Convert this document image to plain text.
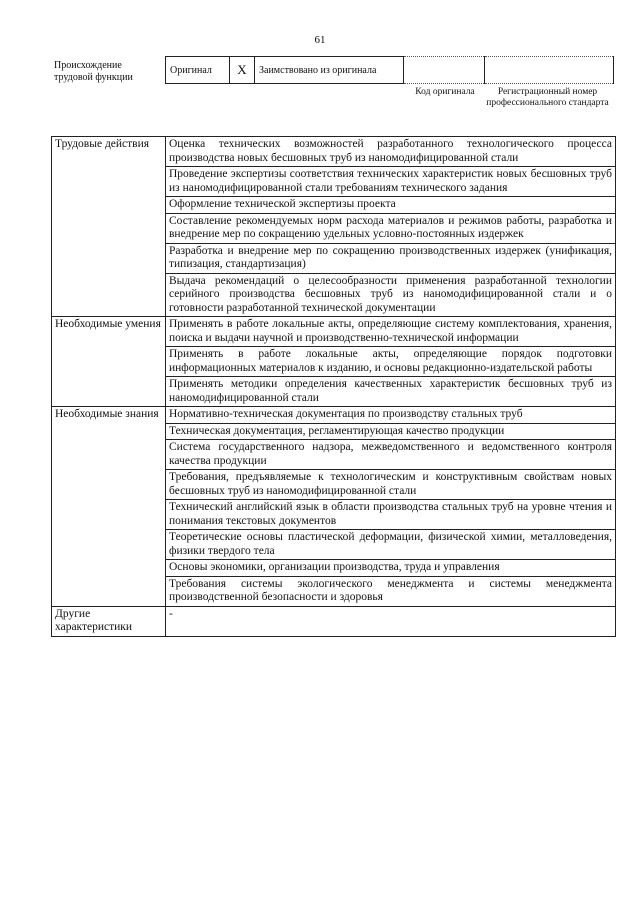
61
Происхождение трудовой функции
Оригинал	X	Заимствовано из оригинала		
Код оригинала	Регистрационный номер профессионального стандарта
Трудовые действия	Оценка технических возможностей разработанного технологического процесса производства новых бесшовных труб из наномодифицированной стали
	Проведение экспертизы соответствия технических характеристик новых бесшовных труб из наномодифицированной стали требованиям технического задания
	Оформление технической экспертизы проекта
	Составление рекомендуемых норм расхода материалов и режимов работы, разработка и внедрение мер по сокращению удельных условно-постоянных издержек
	Разработка и внедрение мер по сокращению производственных издержек (унификация, типизация, стандартизация)
	Выдача рекомендаций о целесообразности применения разработанной технологии серийного производства бесшовных труб из наномодифицированной стали и о готовности разработанной технической документации
Необходимые умения	Применять в работе локальные акты, определяющие систему комплектования, хранения, поиска и выдачи научной и производственно-технической информации
	Применять в работе локальные акты, определяющие порядок подготовки информационных материалов к изданию, и основы редакционно-издательской работы
	Применять методики определения качественных характеристик бесшовных труб из наномодифицированной стали
Необходимые знания	Нормативно-техническая документация по производству стальных труб
	Техническая документация, регламентирующая качество продукции
	Система государственного надзора, межведомственного и ведомственного контроля качества продукции
	Требования, предъявляемые к технологическим и конструктивным свойствам новых бесшовных труб из наномодифицированной стали
	Технический английский язык в области производства стальных труб на уровне чтения и понимания текстовых документов
	Теоретические основы пластической деформации, физической химии, металловедения, физики твердого тела
	Основы экономики, организации производства, труда и управления
	Требования системы экологического менеджмента и системы менеджмента производственной безопасности и здоровья
Другие характеристики	-
